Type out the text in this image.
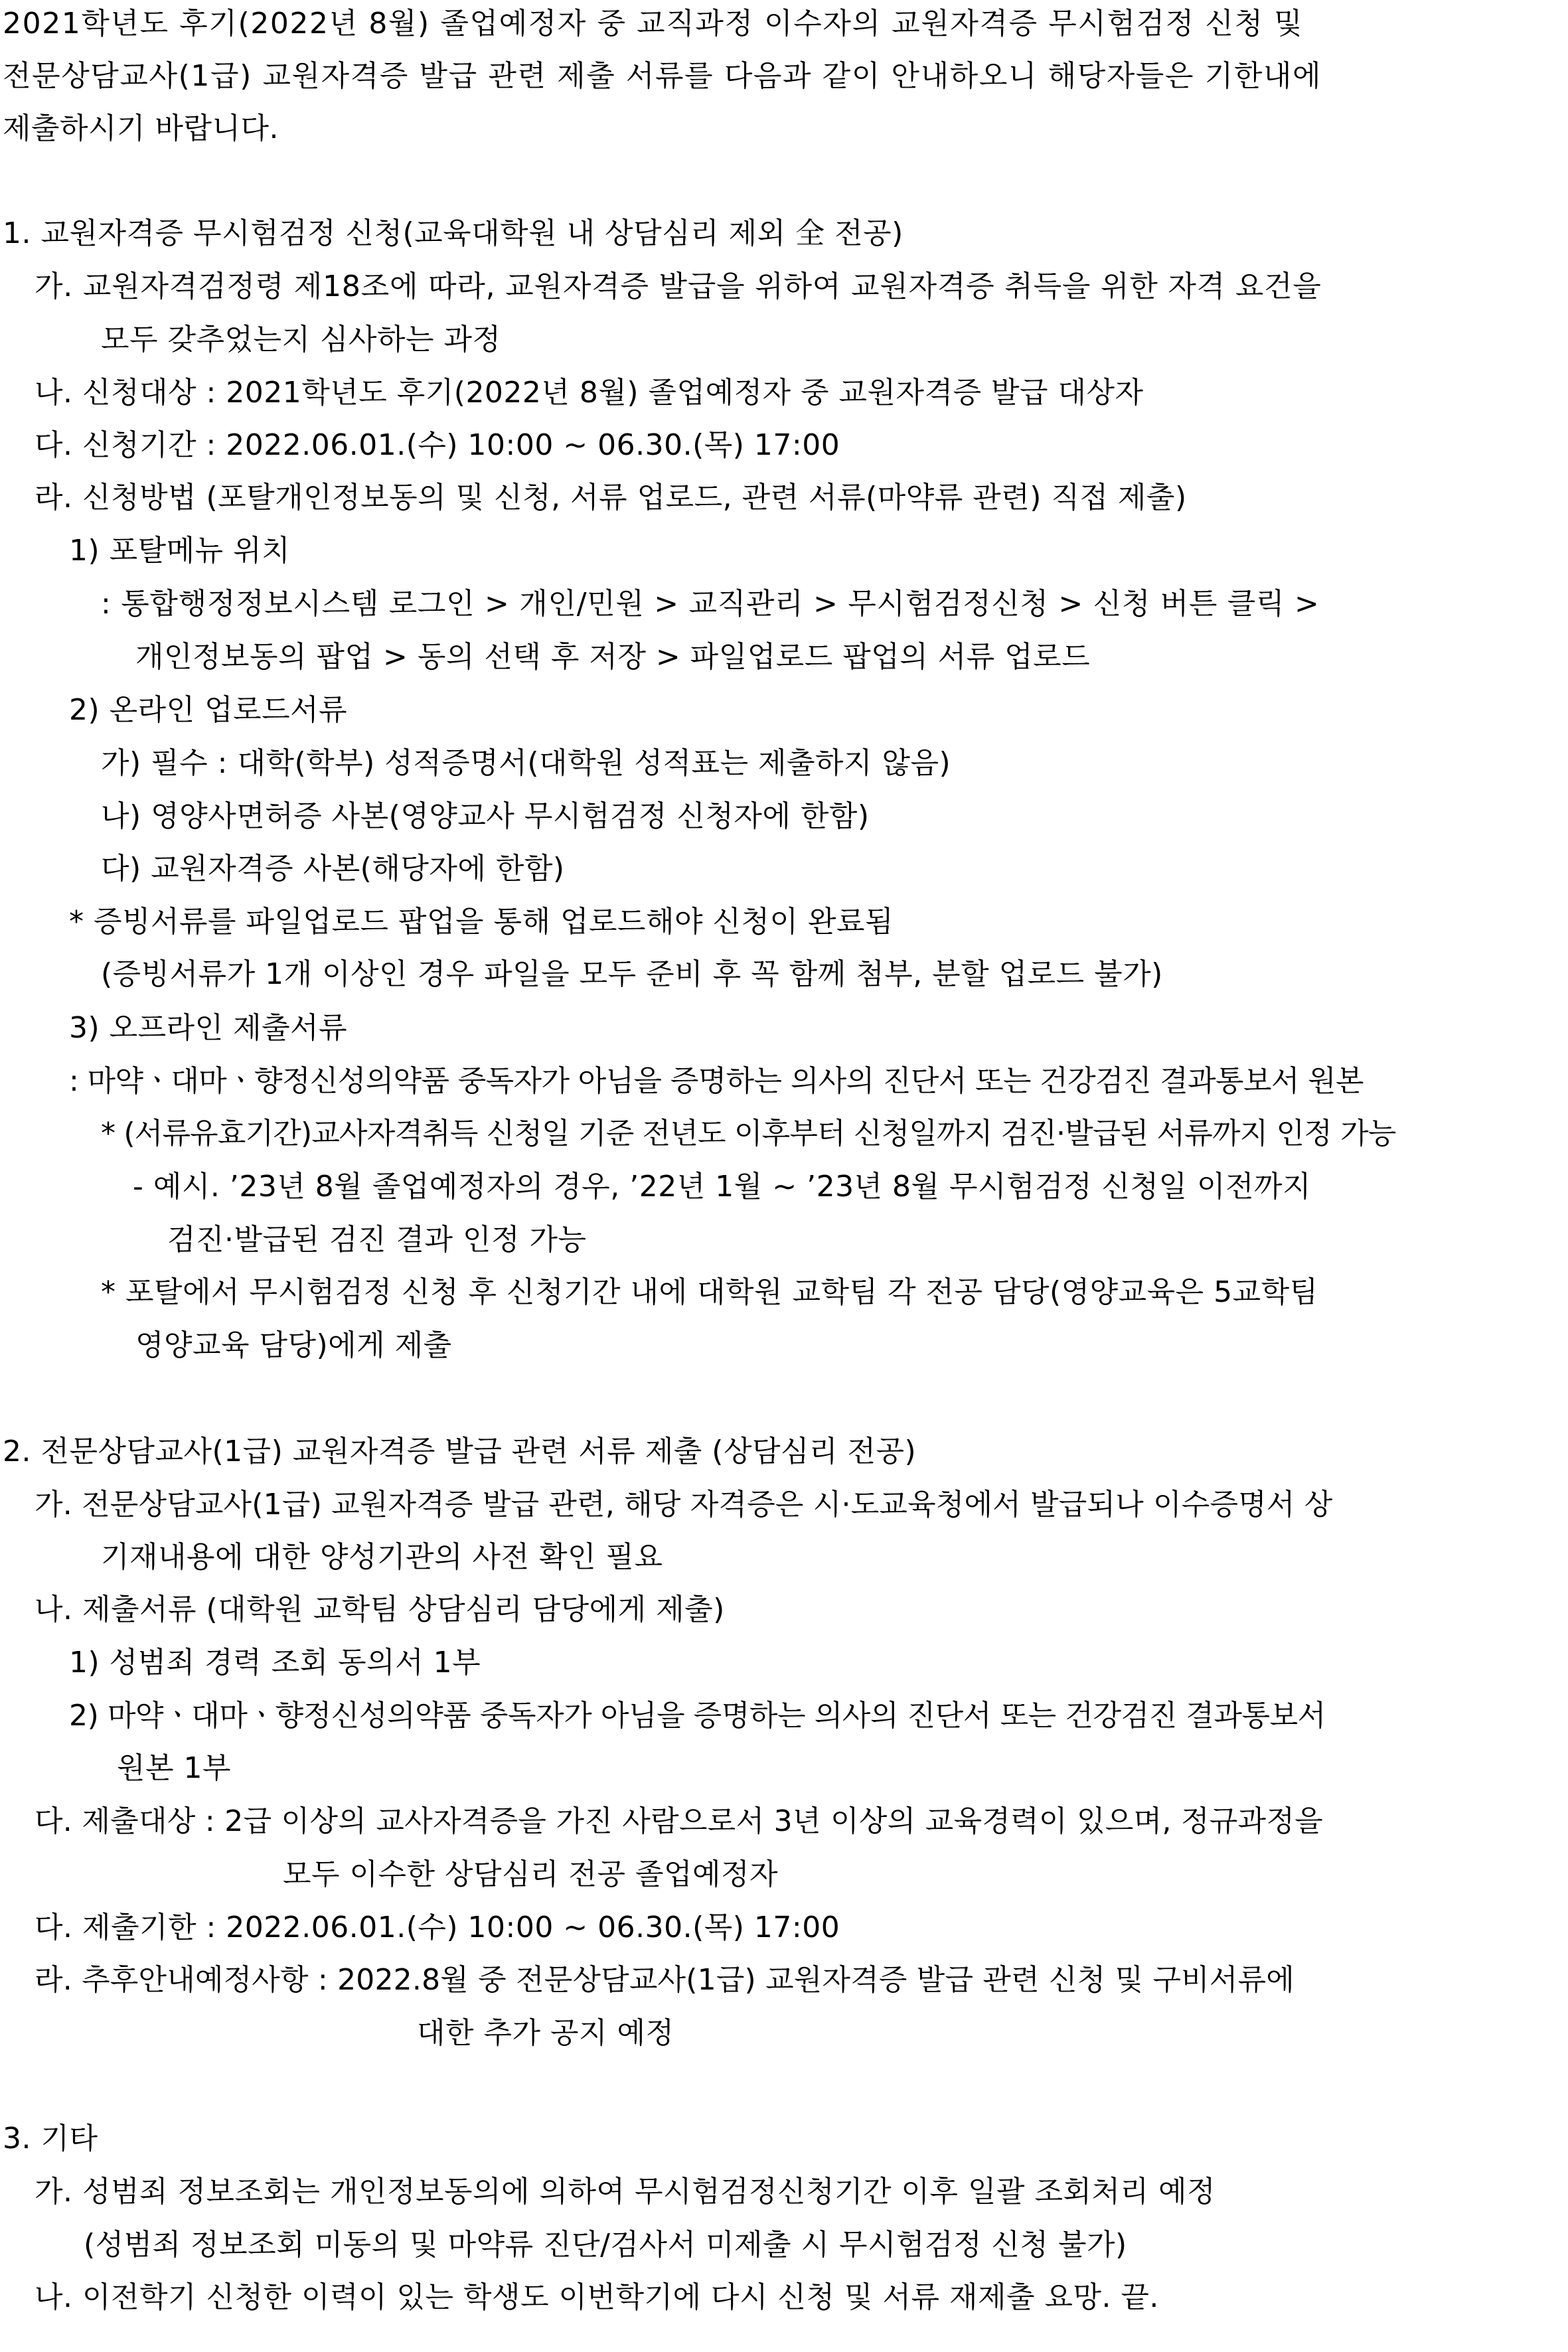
2021학년도 후기(2022년 8월) 졸업예정자 중 교직과정 이수자의 교원자격증 무시험검정 신청 및
전문상담교사(1급) 교원자격증 발급 관련 제출 서류를 다음과 같이 안내하오니 해당자들은 기한내에
제출하시기 바랍니다.
1. 교원자격증 무시험검정 신청(교육대학원 내 상담심리 제외 全 전공)
가. 교원자격검정령 제18조에 따라, 교원자격증 발급을 위하여 교원자격증 취득을 위한 자격 요건을
모두 갖추었는지 심사하는 과정
나. 신청대상 : 2021학년도 후기(2022년 8월) 졸업예정자 중 교원자격증 발급 대상자
다. 신청기간 : 2022.06.01.(수) 10:00 ~ 06.30.(목) 17:00
라. 신청방법 (포탈개인정보동의 및 신청, 서류 업로드, 관련 서류(마약류 관련) 직접 제출)
1) 포탈메뉴 위치
: 통합행정정보시스템 로그인 > 개인/민원 > 교직관리 > 무시험검정신청 > 신청 버튼 클릭 >
개인정보동의 팝업 > 동의 선택 후 저장 > 파일업로드 팝업의 서류 업로드
2) 온라인 업로드서류
가) 필수 : 대학(학부) 성적증명서(대학원 성적표는 제출하지 않음)
나) 영양사면허증 사본(영양교사 무시험검정 신청자에 한함)
다) 교원자격증 사본(해당자에 한함)
* 증빙서류를 파일업로드 팝업을 통해 업로드해야 신청이 완료됨
(증빙서류가 1개 이상인 경우 파일을 모두 준비 후 꼭 함께 첨부, 분할 업로드 불가)
3) 오프라인 제출서류
: 마약ㆍ대마ㆍ향정신성의약품 중독자가 아님을 증명하는 의사의 진단서 또는 건강검진 결과통보서 원본
* (서류유효기간)교사자격취득 신청일 기준 전년도 이후부터 신청일까지 검진·발급된 서류까지 인정 가능
- 예시. ’23년 8월 졸업예정자의 경우, ’22년 1월 ~ ’23년 8월 무시험검정 신청일 이전까지
검진·발급된 검진 결과 인정 가능
* 포탈에서 무시험검정 신청 후 신청기간 내에 대학원 교학팀 각 전공 담당(영양교육은 5교학팀
영양교육 담당)에게 제출
2. 전문상담교사(1급) 교원자격증 발급 관련 서류 제출 (상담심리 전공)
가. 전문상담교사(1급) 교원자격증 발급 관련, 해당 자격증은 시·도교육청에서 발급되나 이수증명서 상
기재내용에 대한 양성기관의 사전 확인 필요
나. 제출서류 (대학원 교학팀 상담심리 담당에게 제출)
1) 성범죄 경력 조회 동의서 1부
2) 마약ㆍ대마ㆍ향정신성의약품 중독자가 아님을 증명하는 의사의 진단서 또는 건강검진 결과통보서
원본 1부
다. 제출대상 : 2급 이상의 교사자격증을 가진 사람으로서 3년 이상의 교육경력이 있으며, 정규과정을
모두 이수한 상담심리 전공 졸업예정자
다. 제출기한 : 2022.06.01.(수) 10:00 ~ 06.30.(목) 17:00
라. 추후안내예정사항 : 2022.8월 중 전문상담교사(1급) 교원자격증 발급 관련 신청 및 구비서류에
대한 추가 공지 예정
3. 기타
가. 성범죄 정보조회는 개인정보동의에 의하여 무시험검정신청기간 이후 일괄 조회처리 예정
(성범죄 정보조회 미동의 및 마약류 진단/검사서 미제출 시 무시험검정 신청 불가)
나. 이전학기 신청한 이력이 있는 학생도 이번학기에 다시 신청 및 서류 재제출 요망. 끝.
